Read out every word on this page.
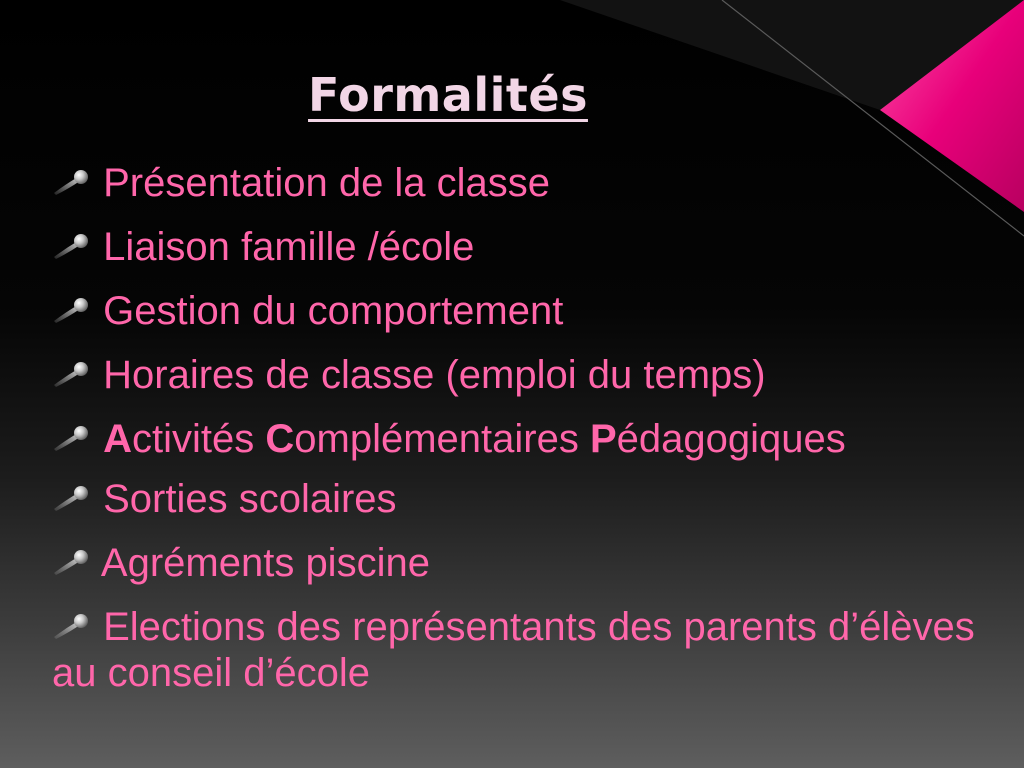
Formalités
Présentation de la classe
Liaison famille /école
Gestion du comportement
Horaires de classe (emploi du temps)
Activités Complémentaires Pédagogiques
Sorties scolaires
Agréments piscine
Elections des représentants des parents d’élèves au conseil d’école
